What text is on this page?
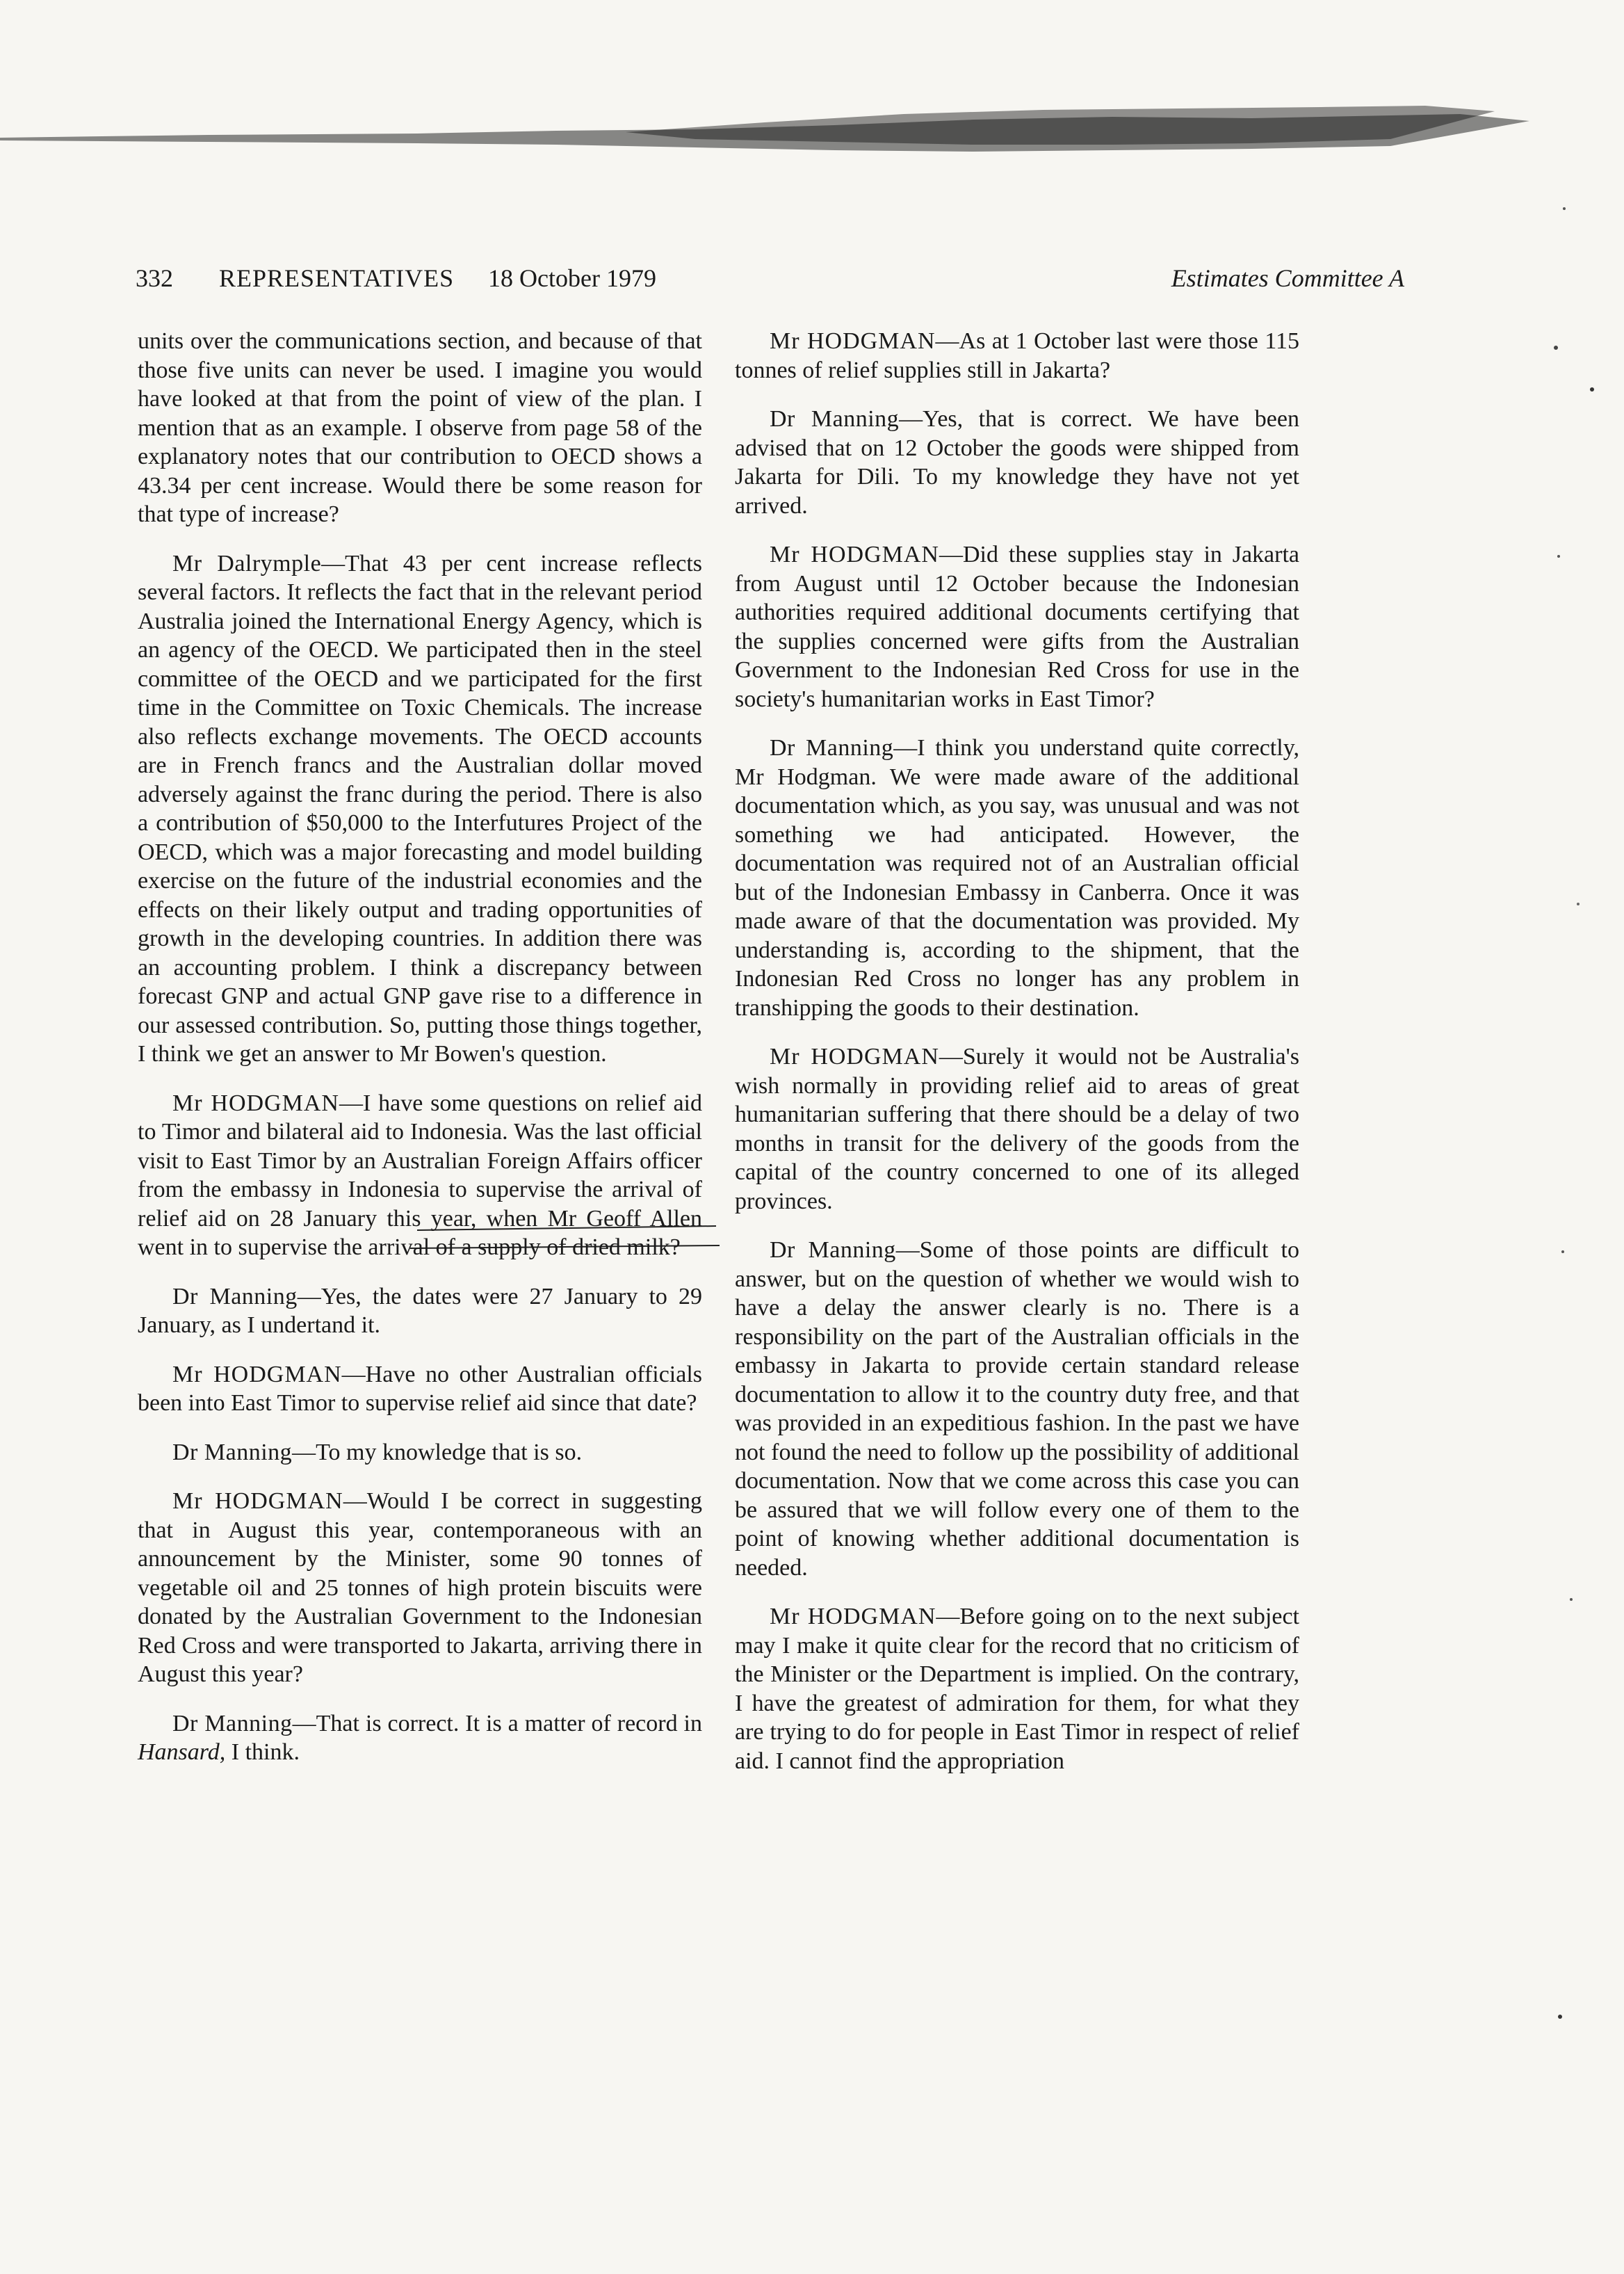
332 REPRESENTATIVES 18 October 1979	Estimates Committee A

units over the communications section, and because of that those five units can never be used. I imagine you would have looked at that from the point of view of the plan. I mention that as an example. I observe from page 58 of the explanatory notes that our contribution to OECD shows a 43.34 per cent increase. Would there be some reason for that type of increase?

Mr Dalrymple—That 43 per cent increase reflects several factors. It reflects the fact that in the relevant period Australia joined the International Energy Agency, which is an agency of the OECD. We participated then in the steel committee of the OECD and we participated for the first time in the Committee on Toxic Chemicals. The increase also reflects exchange movements. The OECD accounts are in French francs and the Australian dollar moved adversely against the franc during the period. There is also a contribution of $50,000 to the Interfutures Project of the OECD, which was a major forecasting and model building exercise on the future of the industrial economies and the effects on their likely output and trading opportunities of growth in the developing countries. In addition there was an accounting problem. I think a discrepancy between forecast GNP and actual GNP gave rise to a difference in our assessed contribution. So, putting those things together, I think we get an answer to Mr Bowen's question.

Mr HODGMAN—I have some questions on relief aid to Timor and bilateral aid to Indonesia. Was the last official visit to East Timor by an Australian Foreign Affairs officer from the embassy in Indonesia to supervise the arrival of relief aid on 28 January this year, when Mr Geoff Allen went in to supervise the arrival of a supply of dried milk?

Dr Manning—Yes, the dates were 27 January to 29 January, as I undertand it.

Mr HODGMAN—Have no other Australian officials been into East Timor to supervise relief aid since that date?

Dr Manning—To my knowledge that is so.

Mr HODGMAN—Would I be correct in suggesting that in August this year, contemporaneous with an announcement by the Minister, some 90 tonnes of vegetable oil and 25 tonnes of high protein biscuits were donated by the Australian Government to the Indonesian Red Cross and were transported to Jakarta, arriving there in August this year?

Dr Manning—That is correct. It is a matter of record in Hansard, I think.

Mr HODGMAN—As at 1 October last were those 115 tonnes of relief supplies still in Jakarta?

Dr Manning—Yes, that is correct. We have been advised that on 12 October the goods were shipped from Jakarta for Dili. To my knowledge they have not yet arrived.

Mr HODGMAN—Did these supplies stay in Jakarta from August until 12 October because the Indonesian authorities required additional documents certifying that the supplies concerned were gifts from the Australian Government to the Indonesian Red Cross for use in the society's humanitarian works in East Timor?

Dr Manning—I think you understand quite correctly, Mr Hodgman. We were made aware of the additional documentation which, as you say, was unusual and was not something we had anticipated. However, the documentation was required not of an Australian official but of the Indonesian Embassy in Canberra. Once it was made aware of that the documentation was provided. My understanding is, according to the shipment, that the Indonesian Red Cross no longer has any problem in transhipping the goods to their destination.

Mr HODGMAN—Surely it would not be Australia's wish normally in providing relief aid to areas of great humanitarian suffering that there should be a delay of two months in transit for the delivery of the goods from the capital of the country concerned to one of its alleged provinces.

Dr Manning—Some of those points are difficult to answer, but on the question of whether we would wish to have a delay the answer clearly is no. There is a responsibility on the part of the Australian officials in the embassy in Jakarta to provide certain standard release documentation to allow it to the country duty free, and that was provided in an expeditious fashion. In the past we have not found the need to follow up the possibility of additional documentation. Now that we come across this case you can be assured that we will follow every one of them to the point of knowing whether additional documentation is needed.

Mr HODGMAN—Before going on to the next subject may I make it quite clear for the record that no criticism of the Minister or the Department is implied. On the contrary, I have the greatest of admiration for them, for what they are trying to do for people in East Timor in respect of relief aid. I cannot find the appropriation
